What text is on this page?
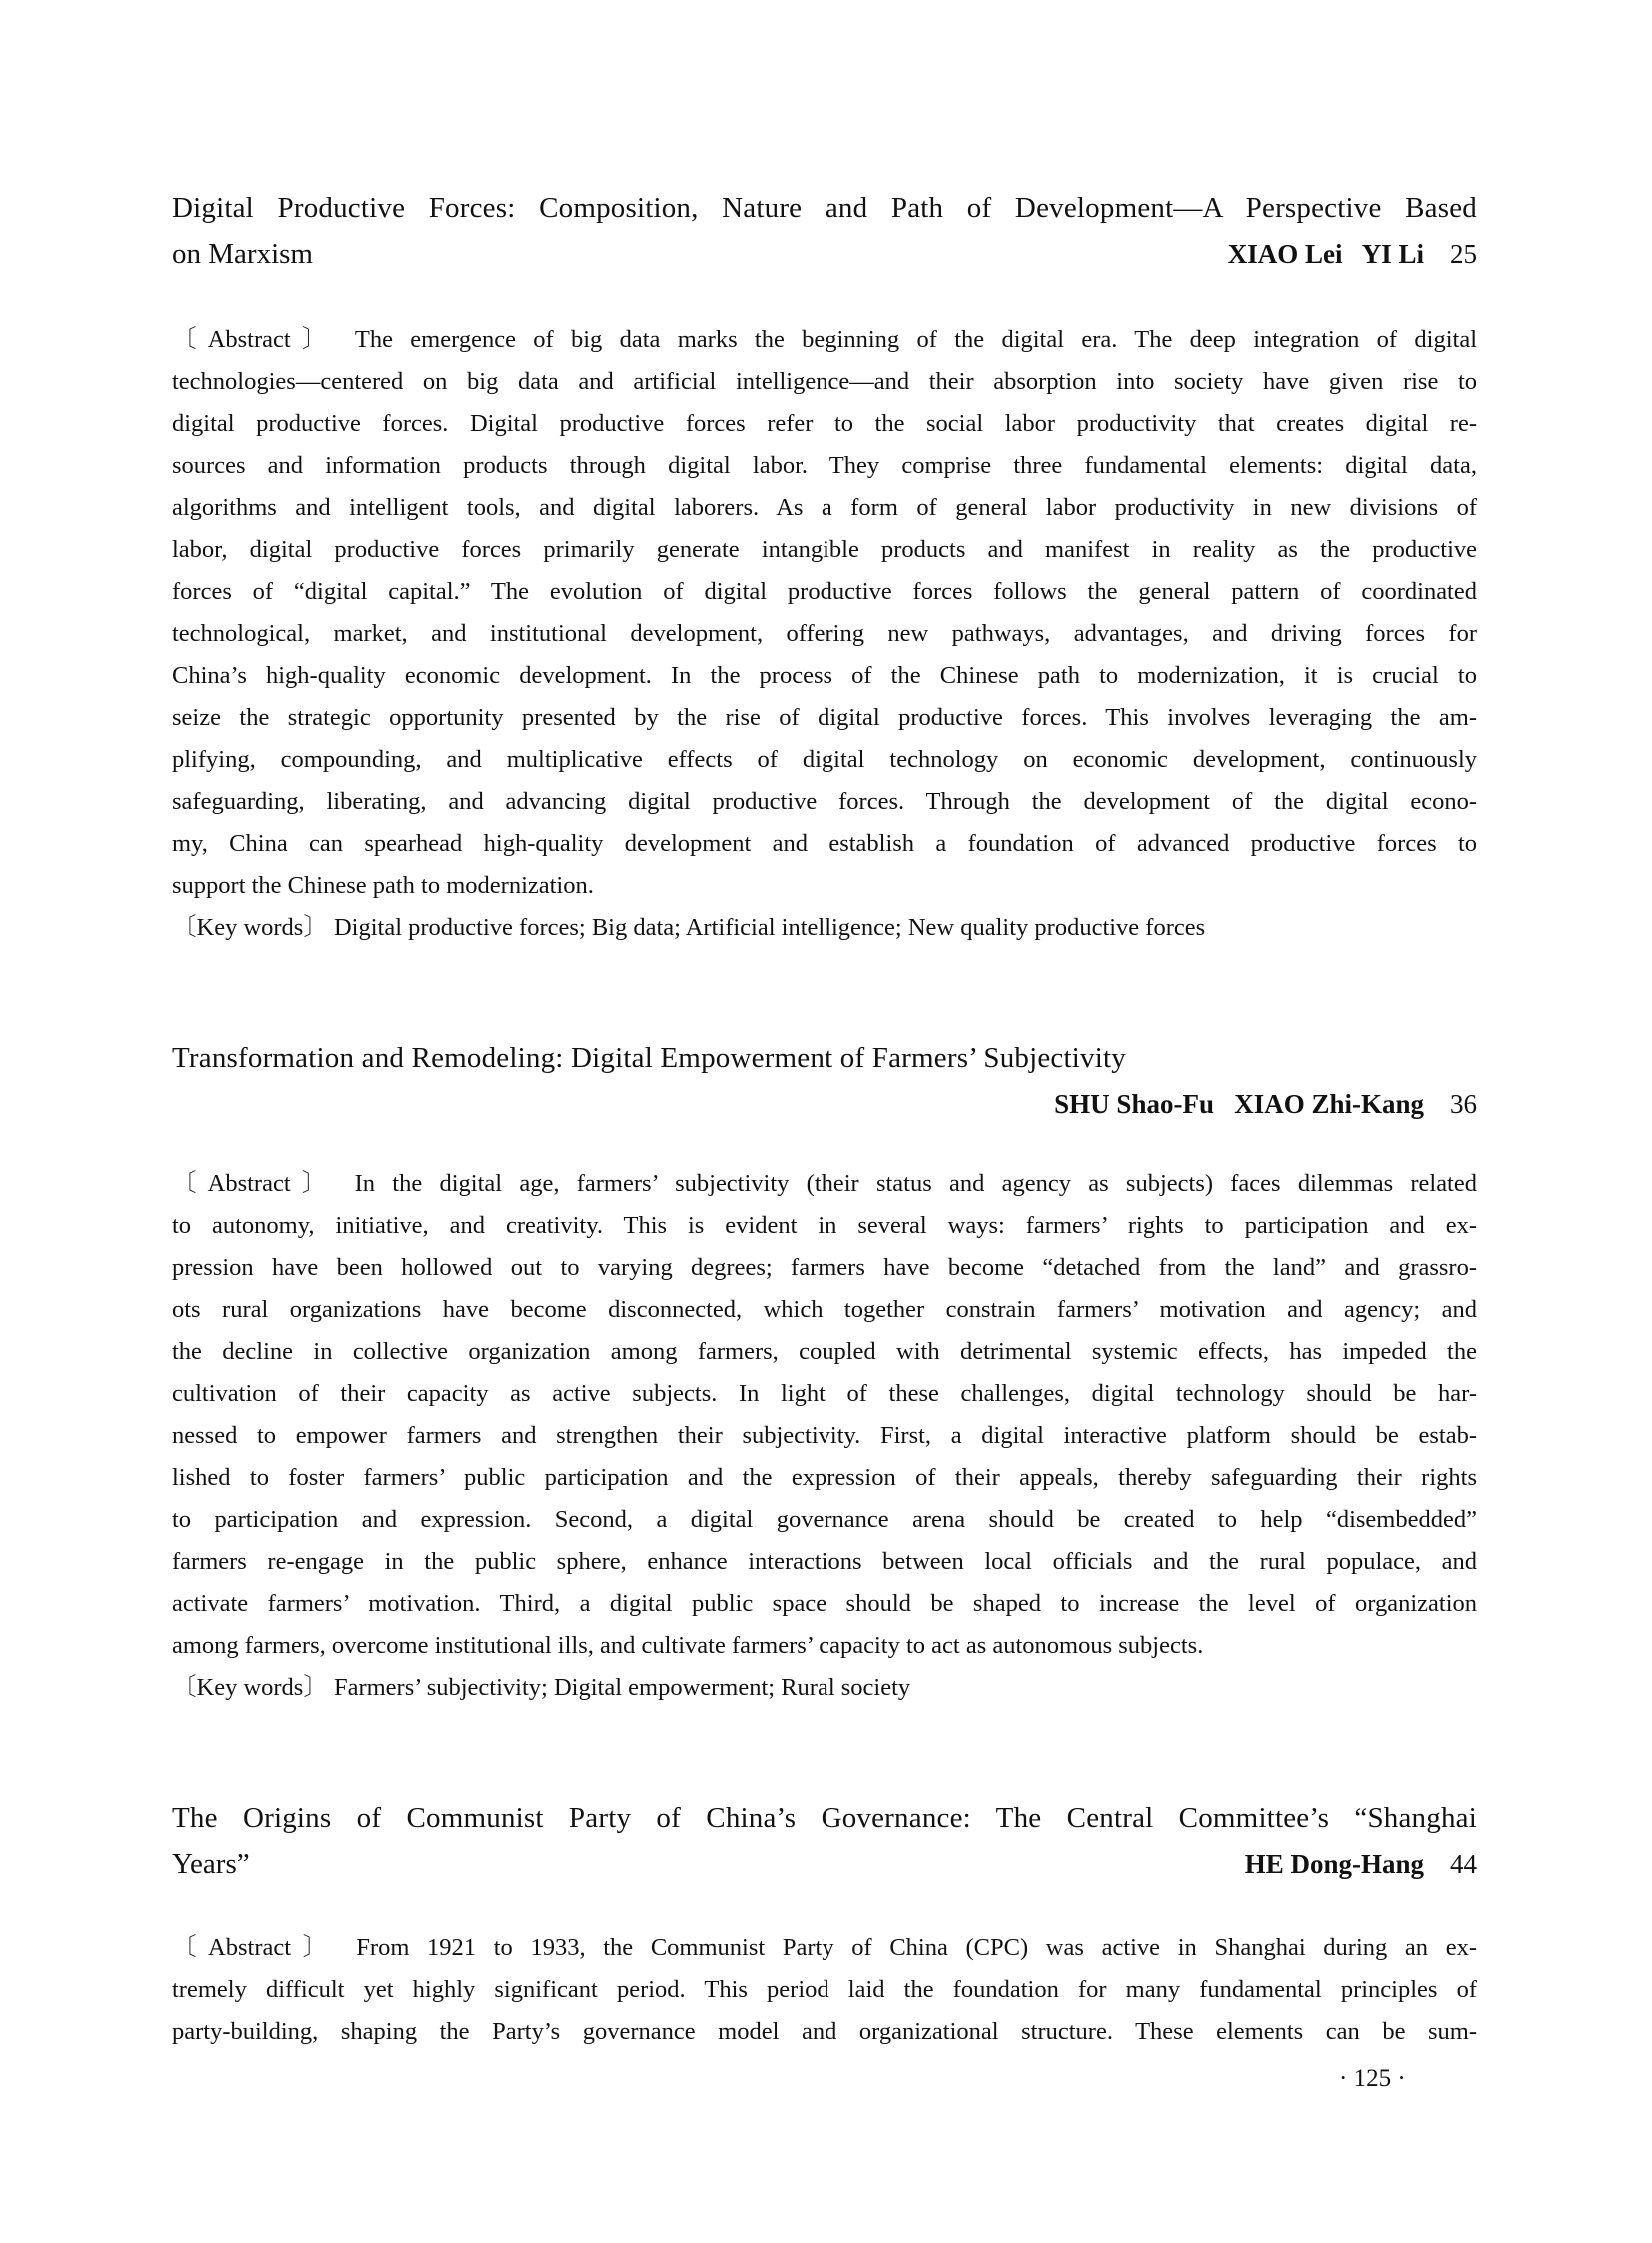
Digital Productive Forces: Composition, Nature and Path of Development—A Perspective Based
on Marxism	XIAO Lei   YI Li 25
〔Abstract〕 The emergence of big data marks the beginning of the digital era. The deep integration of digital
technologies—centered on big data and artificial intelligence—and their absorption into society have given rise to
digital productive forces. Digital productive forces refer to the social labor productivity that creates digital re-
sources and information products through digital labor. They comprise three fundamental elements: digital data,
algorithms and intelligent tools, and digital laborers. As a form of general labor productivity in new divisions of
labor, digital productive forces primarily generate intangible products and manifest in reality as the productive
forces of “digital capital.” The evolution of digital productive forces follows the general pattern of coordinated
technological, market, and institutional development, offering new pathways, advantages, and driving forces for
China’s high-quality economic development. In the process of the Chinese path to modernization, it is crucial to
seize the strategic opportunity presented by the rise of digital productive forces. This involves leveraging the am-
plifying, compounding, and multiplicative effects of digital technology on economic development, continuously
safeguarding, liberating, and advancing digital productive forces. Through the development of the digital econo-
my, China can spearhead high-quality development and establish a foundation of advanced productive forces to
support the Chinese path to modernization.
〔Key words〕 Digital productive forces; Big data; Artificial intelligence; New quality productive forces
Transformation and Remodeling: Digital Empowerment of Farmers’ Subjectivity
SHU Shao-Fu   XIAO Zhi-Kang 36
〔Abstract〕 In the digital age, farmers’ subjectivity (their status and agency as subjects) faces dilemmas related
to autonomy, initiative, and creativity. This is evident in several ways: farmers’ rights to participation and ex-
pression have been hollowed out to varying degrees; farmers have become “detached from the land” and grassro-
ots rural organizations have become disconnected, which together constrain farmers’ motivation and agency; and
the decline in collective organization among farmers, coupled with detrimental systemic effects, has impeded the
cultivation of their capacity as active subjects. In light of these challenges, digital technology should be har-
nessed to empower farmers and strengthen their subjectivity. First, a digital interactive platform should be estab-
lished to foster farmers’ public participation and the expression of their appeals, thereby safeguarding their rights
to participation and expression. Second, a digital governance arena should be created to help “disembedded”
farmers re-engage in the public sphere, enhance interactions between local officials and the rural populace, and
activate farmers’ motivation. Third, a digital public space should be shaped to increase the level of organization
among farmers, overcome institutional ills, and cultivate farmers’ capacity to act as autonomous subjects.
〔Key words〕 Farmers’ subjectivity; Digital empowerment; Rural society
The Origins of Communist Party of China’s Governance: The Central Committee’s “Shanghai
Years”	HE Dong-Hang 44
〔Abstract〕 From 1921 to 1933, the Communist Party of China (CPC) was active in Shanghai during an ex-
tremely difficult yet highly significant period. This period laid the foundation for many fundamental principles of
party-building, shaping the Party’s governance model and organizational structure. These elements can be sum-
· 125 ·
